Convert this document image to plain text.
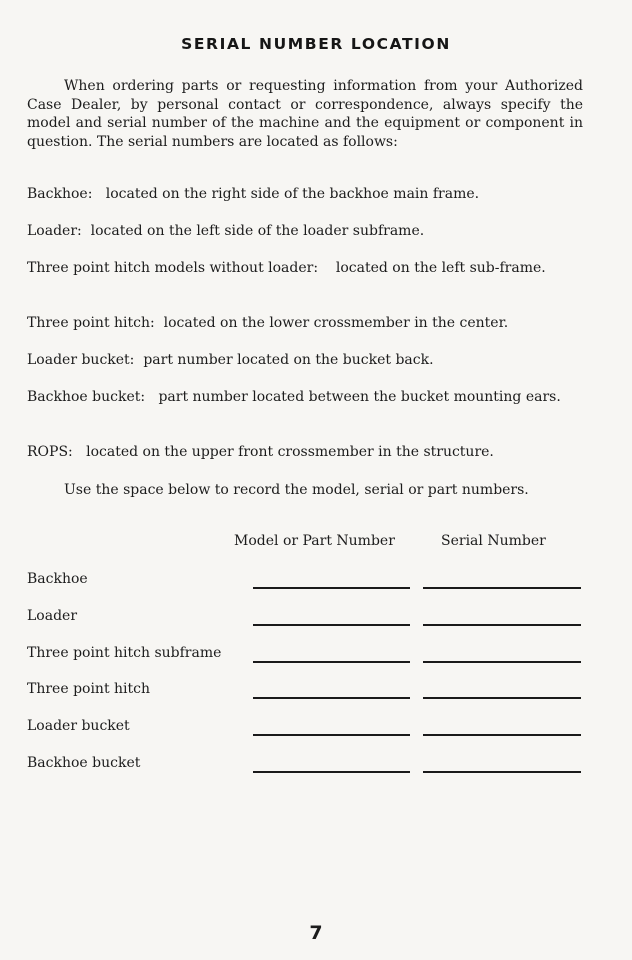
SERIAL NUMBER LOCATION
When ordering parts or requesting information from your Authorized Case Dealer, by personal contact or correspondence, always specify the model and serial number of the machine and the equipment or component in question. The serial numbers are located as follows:
Backhoe: located on the right side of the backhoe main frame.
Loader: located on the left side of the loader subframe.
Three point hitch models without loader: located on the left sub-frame.
Three point hitch: located on the lower crossmember in the center.
Loader bucket: part number located on the bucket back.
Backhoe bucket: part number located between the bucket mounting ears.
ROPS: located on the upper front crossmember in the structure.
Use the space below to record the model, serial or part numbers.
Model or Part Number	Serial Number
Backhoe
Loader
Three point hitch subframe
Three point hitch
Loader bucket
Backhoe bucket
7
